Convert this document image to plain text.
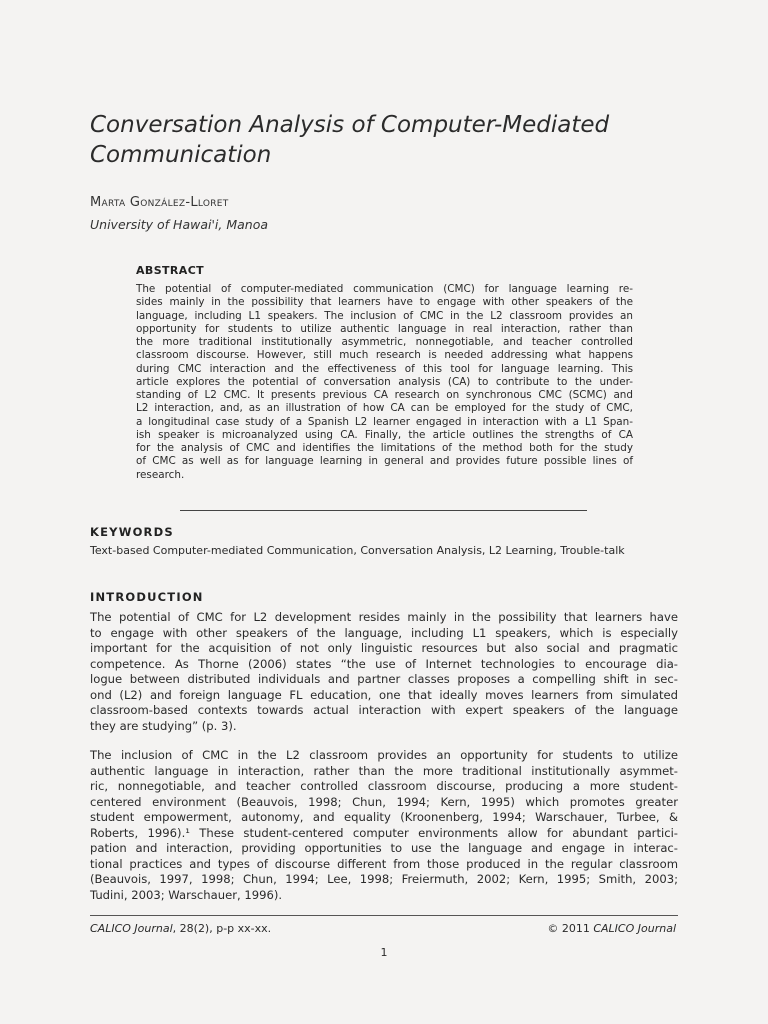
Conversation Analysis of Computer-Mediated Communication
Marta González-Lloret
University of Hawai'i, Manoa
ABSTRACT
The potential of computer-mediated communication (CMC) for language learning re-
sides mainly in the possibility that learners have to engage with other speakers of the
language, including L1 speakers. The inclusion of CMC in the L2 classroom provides an
opportunity for students to utilize authentic language in real interaction, rather than
the more traditional institutionally asymmetric, nonnegotiable, and teacher controlled
classroom discourse. However, still much research is needed addressing what happens
during CMC interaction and the effectiveness of this tool for language learning. This
article explores the potential of conversation analysis (CA) to contribute to the under-
standing of L2 CMC. It presents previous CA research on synchronous CMC (SCMC) and
L2 interaction, and, as an illustration of how CA can be employed for the study of CMC,
a longitudinal case study of a Spanish L2 learner engaged in interaction with a L1 Span-
ish speaker is microanalyzed using CA. Finally, the article outlines the strengths of CA
for the analysis of CMC and identifies the limitations of the method both for the study
of CMC as well as for language learning in general and provides future possible lines of
research.
KEYWORDS
Text-based Computer-mediated Communication, Conversation Analysis, L2 Learning, Trouble-talk
INTRODUCTION
The potential of CMC for L2 development resides mainly in the possibility that learners have
to engage with other speakers of the language, including L1 speakers, which is especially
important for the acquisition of not only linguistic resources but also social and pragmatic
competence. As Thorne (2006) states “the use of Internet technologies to encourage dia-
logue between distributed individuals and partner classes proposes a compelling shift in sec-
ond (L2) and foreign language FL education, one that ideally moves learners from simulated
classroom-based contexts towards actual interaction with expert speakers of the language
they are studying” (p. 3).
The inclusion of CMC in the L2 classroom provides an opportunity for students to utilize
authentic language in interaction, rather than the more traditional institutionally asymmet-
ric, nonnegotiable, and teacher controlled classroom discourse, producing a more student-
centered environment (Beauvois, 1998; Chun, 1994; Kern, 1995) which promotes greater
student empowerment, autonomy, and equality (Kroonenberg, 1994; Warschauer, Turbee, &
Roberts, 1996).¹ These student-centered computer environments allow for abundant partici-
pation and interaction, providing opportunities to use the language and engage in interac-
tional practices and types of discourse different from those produced in the regular classroom
(Beauvois, 1997, 1998; Chun, 1994; Lee, 1998; Freiermuth, 2002; Kern, 1995; Smith, 2003;
Tudini, 2003; Warschauer, 1996).
CALICO Journal, 28(2), p-p xx-xx.	© 2011 CALICO Journal
1
